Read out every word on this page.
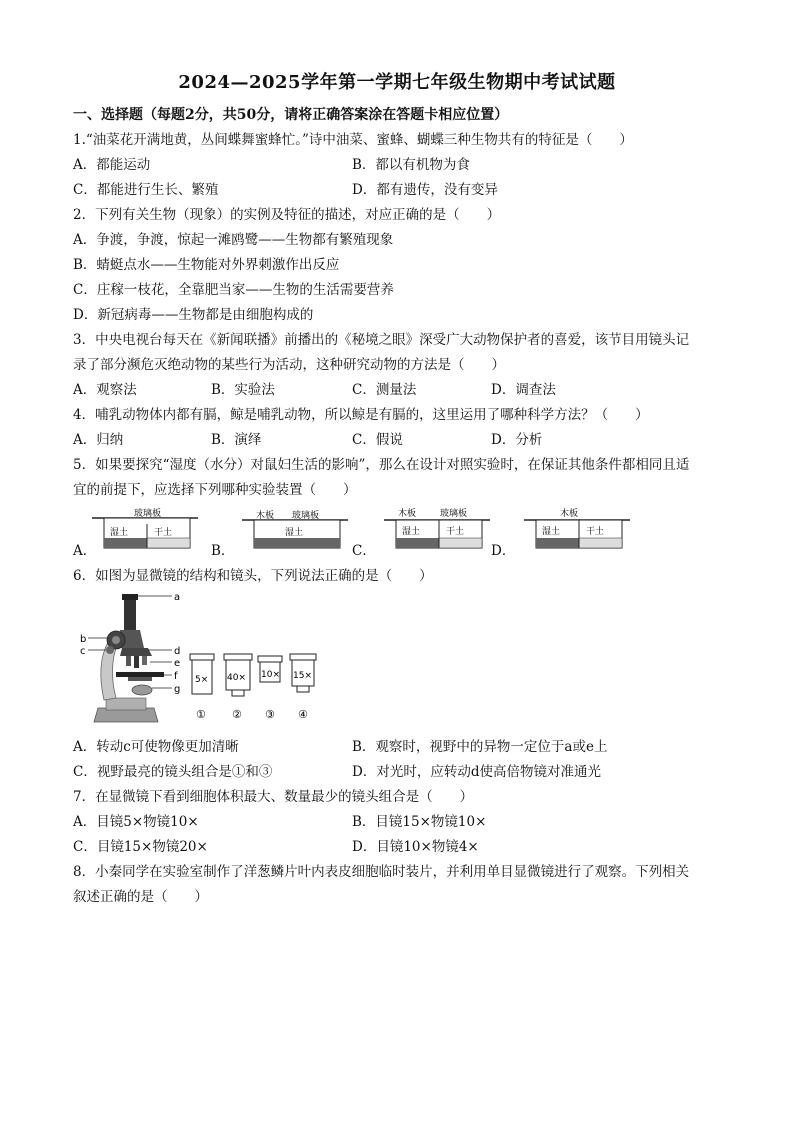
2024—2025学年第一学期七年级生物期中考试试题
一、选择题（每题2分，共50分，请将正确答案涂在答题卡相应位置）
1.“油菜花开满地黄，丛间蝶舞蜜蜂忙。”诗中油菜、蜜蜂、蝴蝶三种生物共有的特征是（　　）
A．都能运动	B．都以有机物为食
C．都能进行生长、繁殖	D．都有遗传，没有变异
2．下列有关生物（现象）的实例及特征的描述，对应正确的是（　　）
A．争渡，争渡，惊起一滩鸥鹭——生物都有繁殖现象
B．蜻蜓点水——生物能对外界刺激作出反应
C．庄稼一枝花，全靠肥当家——生物的生活需要营养
D．新冠病毒——生物都是由细胞构成的
3．中央电视台每天在《新闻联播》前播出的《秘境之眼》深受广大动物保护者的喜爱，该节目用镜头记
录了部分濒危灭绝动物的某些行为活动，这种研究动物的方法是（　　）
A．观察法	B．实验法	C．测量法	D．调查法
4．哺乳动物体内都有膈，鲸是哺乳动物，所以鲸是有膈的，这里运用了哪种科学方法？（　　）
A．归纳	B．演绎	C．假说	D．分析
5．如果要探究“湿度（水分）对鼠妇生活的影响”，那么在设计对照实验时，在保证其他条件都相同且适
宜的前提下，应选择下列哪种实验装置（　　）
A．	B．	C．	D．
玻璃板
湿土	干土
木板 玻璃板
湿土
木板	玻璃板
湿土	干土
木板
湿土	干土
6．如图为显微镜的结构和镜头，下列说法正确的是（　　）
a
b
c	d
e
f
g
5× 40× 10× 15×
① ② ③ ④
A．转动c可使物像更加清晰	B．观察时，视野中的异物一定位于a或e上
C．视野最亮的镜头组合是①和③	D．对光时，应转动d使高倍物镜对准通光
7．在显微镜下看到细胞体积最大、数量最少的镜头组合是（　　）
A．目镜5×物镜10×	B．目镜15×物镜10×
C．目镜15×物镜20×	D．目镜10×物镜4×
8．小秦同学在实验室制作了洋葱鳞片叶内表皮细胞临时装片，并利用单目显微镜进行了观察。下列相关
叙述正确的是（　　）
